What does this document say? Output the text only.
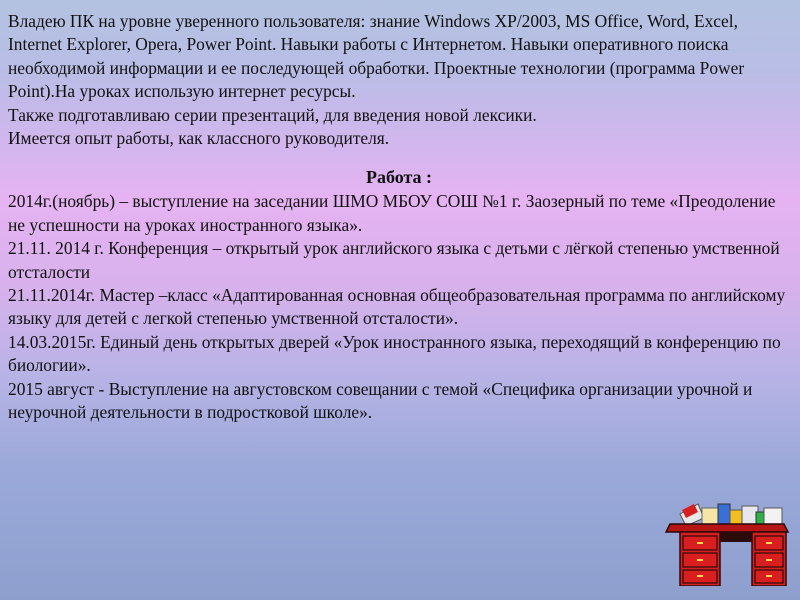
Владею ПК на уровне уверенного пользователя: знание Windows XP/2003, MS Office, Word, Excel, Internet Explorer, Opera, Power Point. Навыки работы с Интернетом. Навыки оперативного поиска необходимой информации и ее последующей обработки. Проектные технологии (программа Power Point).На уроках использую интернет ресурсы.

Также подготавливаю серии презентаций, для введения новой лексики.

Имеется опыт работы, как классного руководителя.

Работа :

2014г.(ноябрь) – выступление на заседании ШМО МБОУ СОШ №1 г. Заозерный по теме «Преодоление не успешности на уроках иностранного языка».

21.11. 2014 г. Конференция – открытый урок английского языка с детьми с лёгкой степенью умственной отсталости

21.11.2014г. Мастер –класс «Адаптированная основная общеобразовательная программа по английскому языку для детей с легкой степенью умственной отсталости».

14.03.2015г. Единый день открытых дверей «Урок иностранного языка, переходящий в конференцию по биологии».

2015 август - Выступление на августовском совещании с темой «Специфика организации урочной и неурочной деятельности в подростковой школе».
